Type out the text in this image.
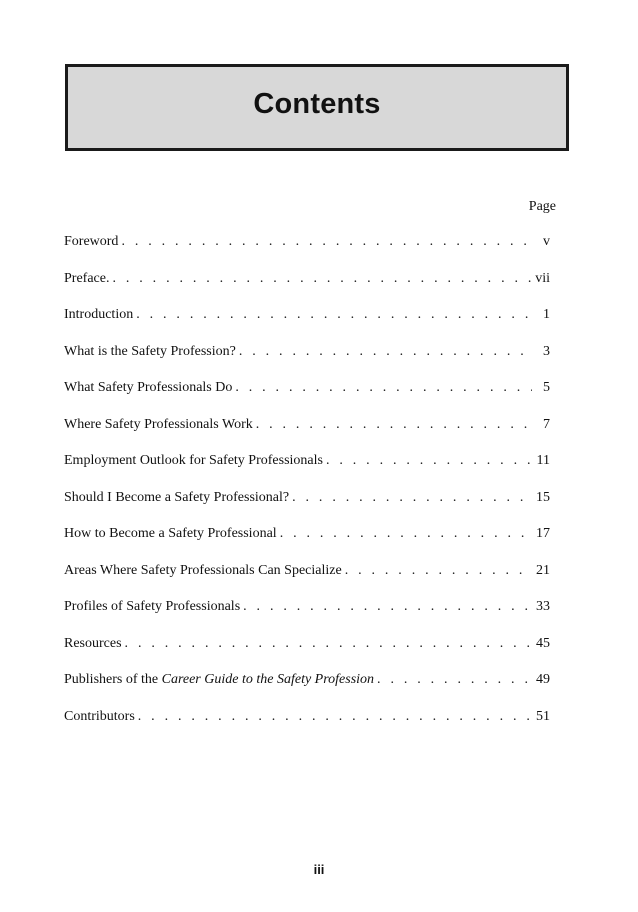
Contents
Page
Foreword . . .	v
Preface. . . .	vii
Introduction . . .	1
What is the Safety Profession? . . .	3
What Safety Professionals Do . . .	5
Where Safety Professionals Work . . .	7
Employment Outlook for Safety Professionals . . .	11
Should I Become a Safety Professional? . . .	15
How to Become a Safety Professional . . .	17
Areas Where Safety Professionals Can Specialize . . .	21
Profiles of Safety Professionals . . .	33
Resources . . .	45
Publishers of the Career Guide to the Safety Profession . . .	49
Contributors . . .	51
iii
